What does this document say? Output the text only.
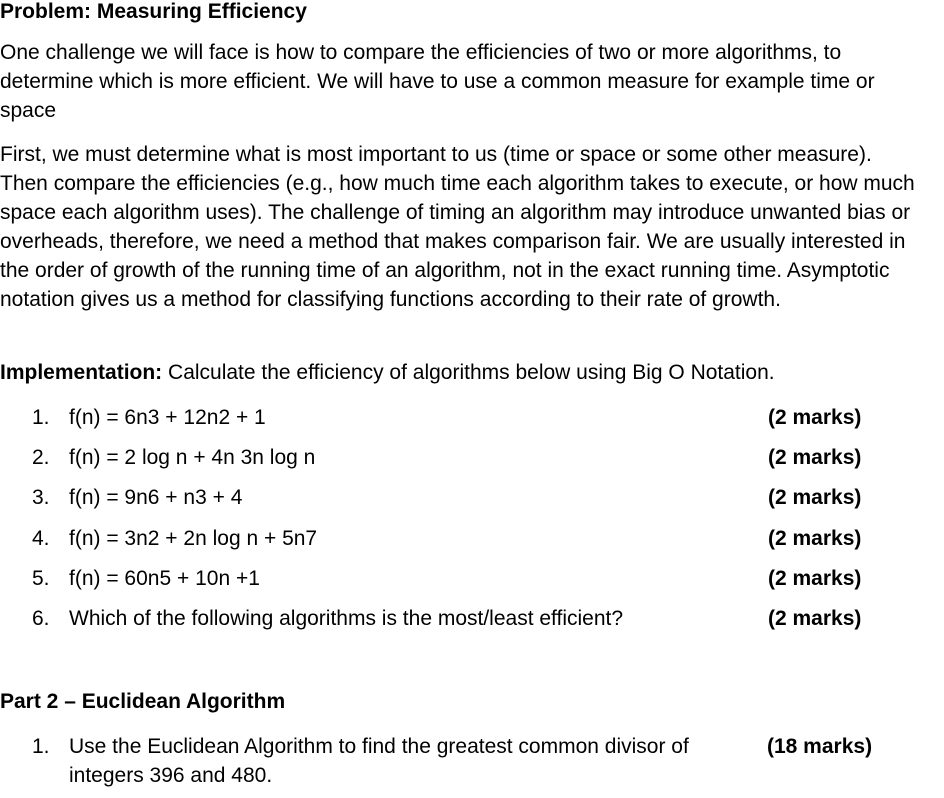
Problem: Measuring Efficiency

One challenge we will face is how to compare the efficiencies of two or more algorithms, to determine which is more efficient. We will have to use a common measure for example time or space

First, we must determine what is most important to us (time or space or some other measure). Then compare the efficiencies (e.g., how much time each algorithm takes to execute, or how much space each algorithm uses). The challenge of timing an algorithm may introduce unwanted bias or overheads, therefore, we need a method that makes comparison fair. We are usually interested in the order of growth of the running time of an algorithm, not in the exact running time. Asymptotic notation gives us a method for classifying functions according to their rate of growth.

Implementation: Calculate the efficiency of algorithms below using Big O Notation.

1. f(n) = 6n3 + 12n2 + 1	(2 marks)
2. f(n) = 2 log n + 4n 3n log n	(2 marks)
3. f(n) = 9n6 + n3 + 4	(2 marks)
4. f(n) = 3n2 + 2n log n + 5n7	(2 marks)
5. f(n) = 60n5 + 10n +1	(2 marks)
6. Which of the following algorithms is the most/least efficient?	(2 marks)
Part 2 – Euclidean Algorithm
1. Use the Euclidean Algorithm to find the greatest common divisor of integers 396 and 480.
(18 marks)
